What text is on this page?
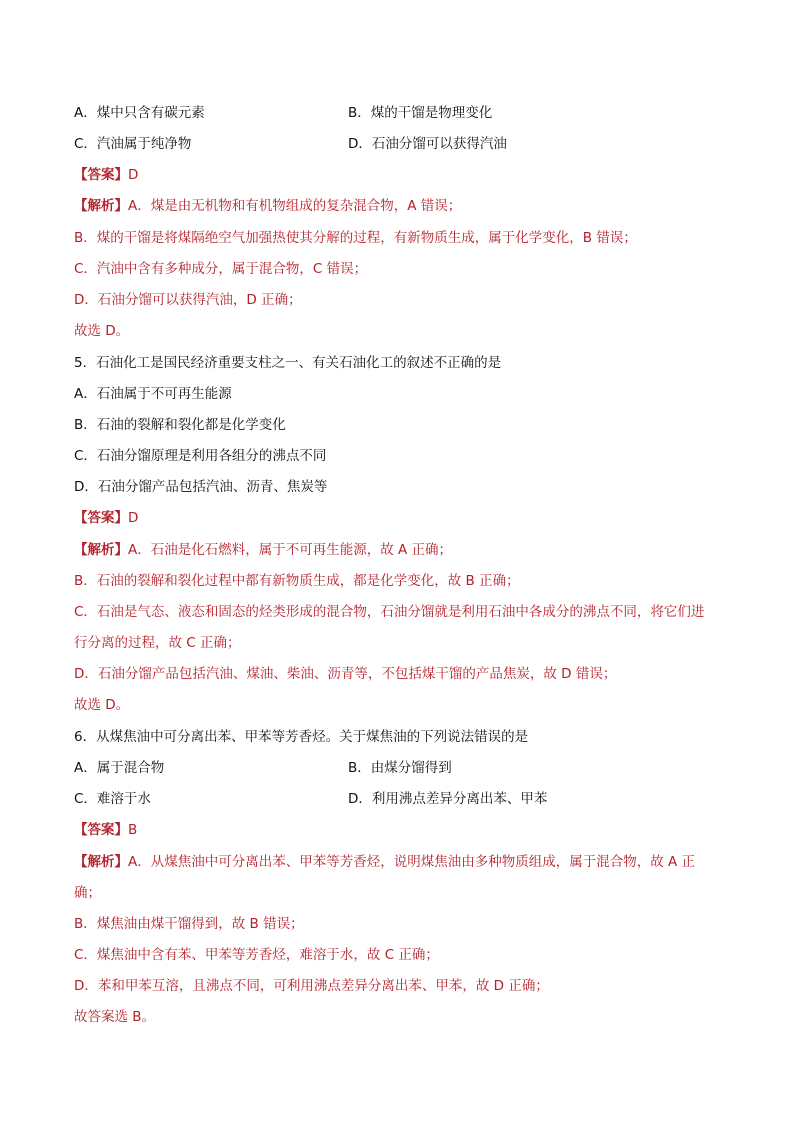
A．煤中只含有碳元素	B．煤的干馏是物理变化
C．汽油属于纯净物	D．石油分馏可以获得汽油
【答案】D
【解析】A．煤是由无机物和有机物组成的复杂混合物，A 错误；
B．煤的干馏是将煤隔绝空气加强热使其分解的过程，有新物质生成，属于化学变化，B 错误；
C．汽油中含有多种成分，属于混合物，C 错误；
D．石油分馏可以获得汽油，D 正确；
故选 D。
5．石油化工是国民经济重要支柱之一、有关石油化工的叙述不正确的是
A．石油属于不可再生能源
B．石油的裂解和裂化都是化学变化
C．石油分馏原理是利用各组分的沸点不同
D．石油分馏产品包括汽油、沥青、焦炭等
【答案】D
【解析】A．石油是化石燃料，属于不可再生能源，故 A 正确；
B．石油的裂解和裂化过程中都有新物质生成，都是化学变化，故 B 正确；
C．石油是气态、液态和固态的烃类形成的混合物，石油分馏就是利用石油中各成分的沸点不同，将它们进
行分离的过程，故 C 正确；
D．石油分馏产品包括汽油、煤油、柴油、沥青等，不包括煤干馏的产品焦炭，故 D 错误；
故选 D。
6．从煤焦油中可分离出苯、甲苯等芳香烃。关于煤焦油的下列说法错误的是
A．属于混合物	B．由煤分馏得到
C．难溶于水	D．利用沸点差异分离出苯、甲苯
【答案】B
【解析】A．从煤焦油中可分离出苯、甲苯等芳香烃，说明煤焦油由多种物质组成，属于混合物，故 A 正
确；
B．煤焦油由煤干馏得到，故 B 错误；
C．煤焦油中含有苯、甲苯等芳香烃，难溶于水，故 C 正确；
D．苯和甲苯互溶，且沸点不同，可利用沸点差异分离出苯、甲苯，故 D 正确；
故答案选 B。
